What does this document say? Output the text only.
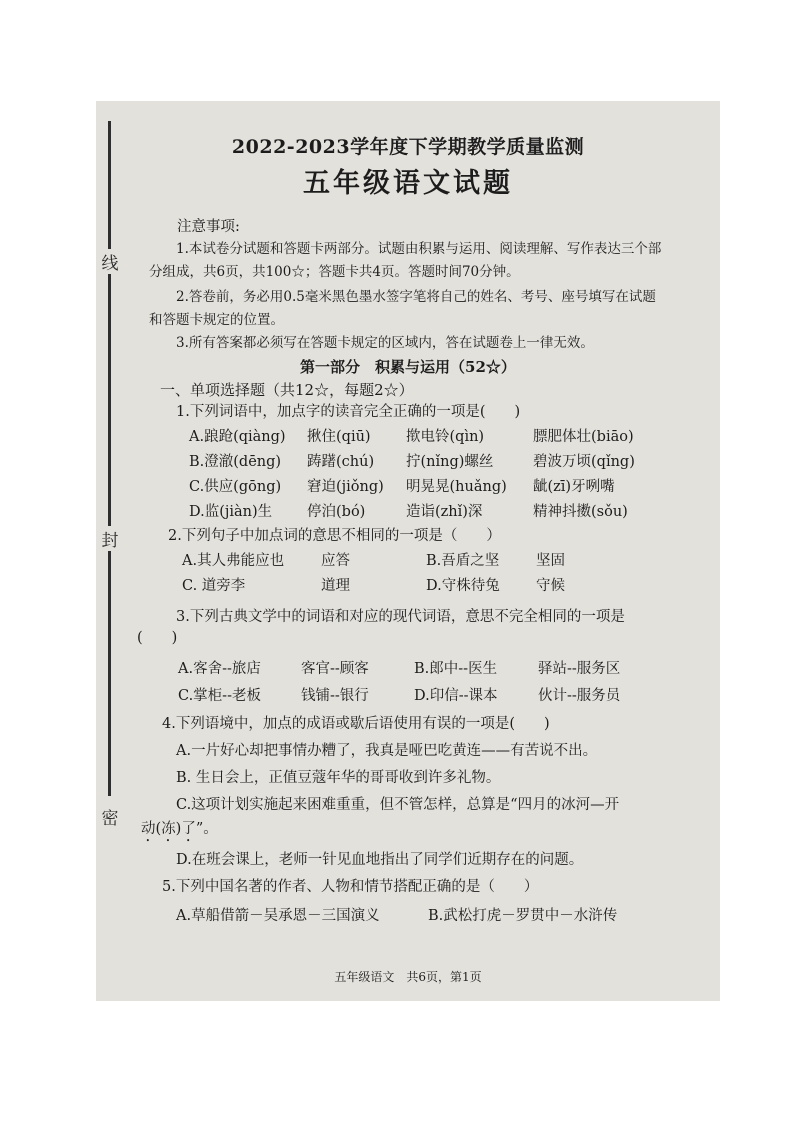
线
封
密
2022-2023学年度下学期教学质量监测
五年级语文试题
注意事项:
1.本试卷分试题和答题卡两部分。试题由积累与运用、阅读理解、写作表达三个部
分组成，共6页，共100☆；答题卡共4页。答题时间70分钟。
2.答卷前，务必用0.5毫米黑色墨水签字笔将自己的姓名、考号、座号填写在试题
和答题卡规定的位置。
3.所有答案都必须写在答题卡规定的区域内，答在试题卷上一律无效。
第一部分　积累与运用（52☆）
一、单项选择题（共12☆，每题2☆）
1.下列词语中，加点字的读音完全正确的一项是(　　)
A.踉跄(qiàng) 揪住(qiū) 揿电铃(qìn)	膘肥体壮(biāo)
B.澄澈(dēng) 踌躇(chú) 拧(nǐng)螺丝	碧波万顷(qǐng)
C.供应(gōng) 窘迫(jiǒng) 明晃晃(huǎng) 龇(zī)牙咧嘴
D.监(jiàn)生 停泊(bó)	造诣(zhǐ)深	精神抖擞(sǒu)
2.下列句子中加点词的意思不相同的一项是（　　）
A.其人弗能应也	应答	B.吾盾之坚	坚固
C. 道旁李	道理	D.守株待兔	守候
3.下列古典文学中的词语和对应的现代词语，意思不完全相同的一项是
(　　)
A.客舍--旅店	客官--顾客	B.郎中--医生	驿站--服务区
C.掌柜--老板	钱铺--银行	D.印信--课本	伙计--服务员
4.下列语境中，加点的成语或歇后语使用有误的一项是(　　)
A.一片好心却把事情办糟了，我真是哑巴吃黄连——有苦说不出。
B. 生日会上，正值豆蔻年华的哥哥收到许多礼物。
C.这项计划实施起来困难重重，但不管怎样，总算是“四月的冰河—开
动(冻)了”。
D.在班会课上，老师一针见血地指出了同学们近期存在的问题。
5.下列中国名著的作者、人物和情节搭配正确的是（　　）
A.草船借箭－吴承恩－三国演义	B.武松打虎－罗贯中－水浒传
五年级语文　共6页，第1页
